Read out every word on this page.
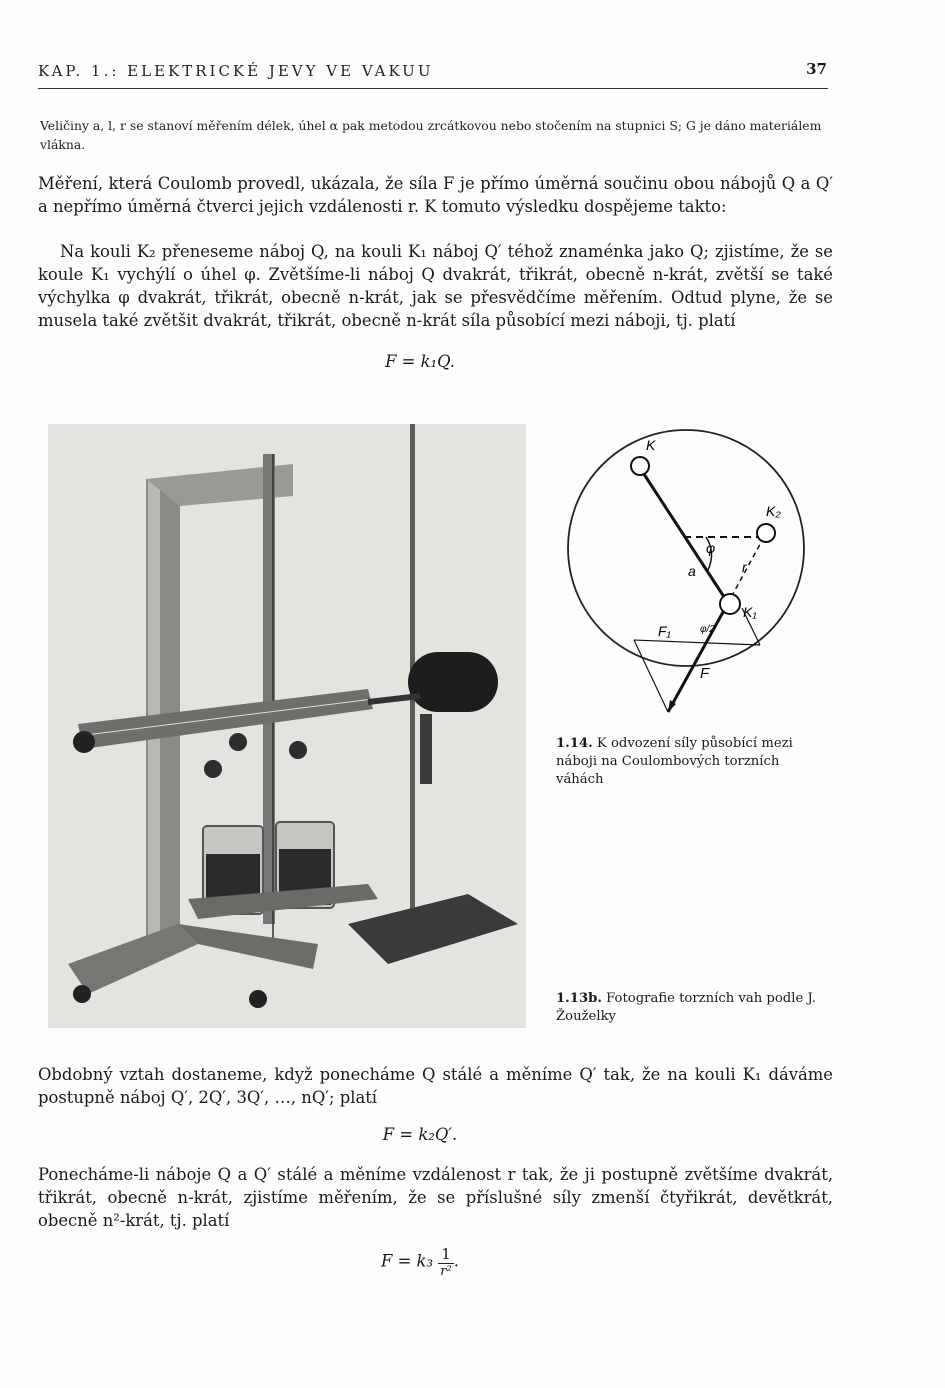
KAP. 1.: ELEKTRICKÉ JEVY VE VAKUU	37
Veličiny a, l, r se stanoví měřením délek, úhel α pak metodou zrcátkovou nebo stočením na stupnici S; G je dáno materiálem vlákna.
Měření, která Coulomb provedl, ukázala, že síla F je přímo úměrná součinu obou nábojů Q a Q′ a nepřímo úměrná čtverci jejich vzdálenosti r. K tomuto výsledku dospějeme takto:
Na kouli K₂ přeneseme náboj Q, na kouli K₁ náboj Q′ téhož znaménka jako Q; zjistíme, že se koule K₁ vychýlí o úhel φ. Zvětšíme-li náboj Q dvakrát, třikrát, obecně n-krát, zvětší se také výchylka φ dvakrát, třikrát, obecně n-krát, jak se přesvědčíme měřením. Odtud plyne, že se musela také zvětšit dvakrát, třikrát, obecně n-krát síla působící mezi náboji, tj. platí
F = k₁Q.
K
K₂
K₁
φ
a	r
F₁
F
φ/2
1.14. K odvození síly působící mezi náboji na Coulombových torzních váhách
1.13b. Fotografie torzních vah podle J. Žouželky
Obdobný vztah dostaneme, když ponecháme Q stálé a měníme Q′ tak, že na kouli K₁ dáváme postupně náboj Q′, 2Q′, 3Q′, …, nQ′; platí
F = k₂Q′.
Ponecháme-li náboje Q a Q′ stálé a měníme vzdálenost r tak, že ji postupně zvětšíme dvakrát, třikrát, obecně n-krát, zjistíme měřením, že se příslušné síly zmenší čtyřikrát, devětkrát, obecně n²-krát, tj. platí
$F = k_3 \frac{1}{\text{r²}}$ .
